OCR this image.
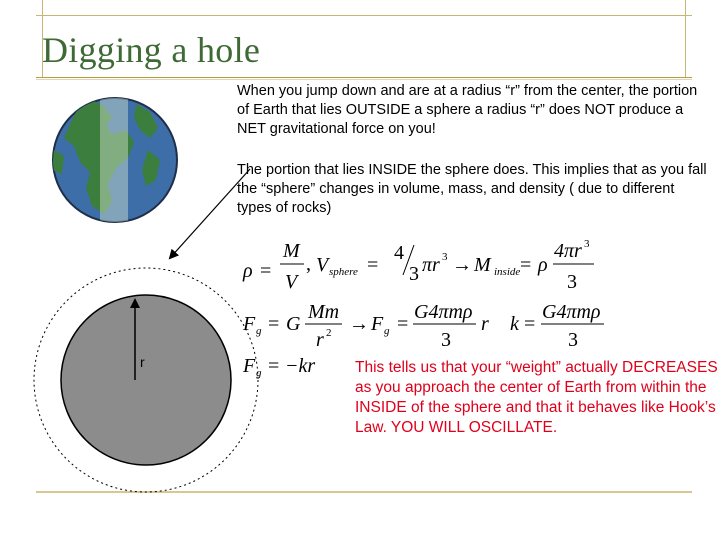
Digging a hole

When you jump down and are at a radius “r” from the center, the portion of Earth that lies OUTSIDE a sphere a radius “r” does NOT produce a NET gravitational force on you!

The portion that lies INSIDE the sphere does. This implies that as you fall the “sphere” changes in volume, mass, and density ( due to different types of rocks)

This tells us that your “weight” actually DECREASES as you approach the center of Earth from within the INSIDE of the sphere and that it behaves like Hook’s Law. YOU WILL OSCILLATE.

r
ρ =
M
V
, V sphere =
4
3 πr 3 → M inside = ρ
4πr 3
3
F g = G
Mm
r 2 → F g =
G4πmρ
3
r k =
G4πmρ
3
F g = −kr
